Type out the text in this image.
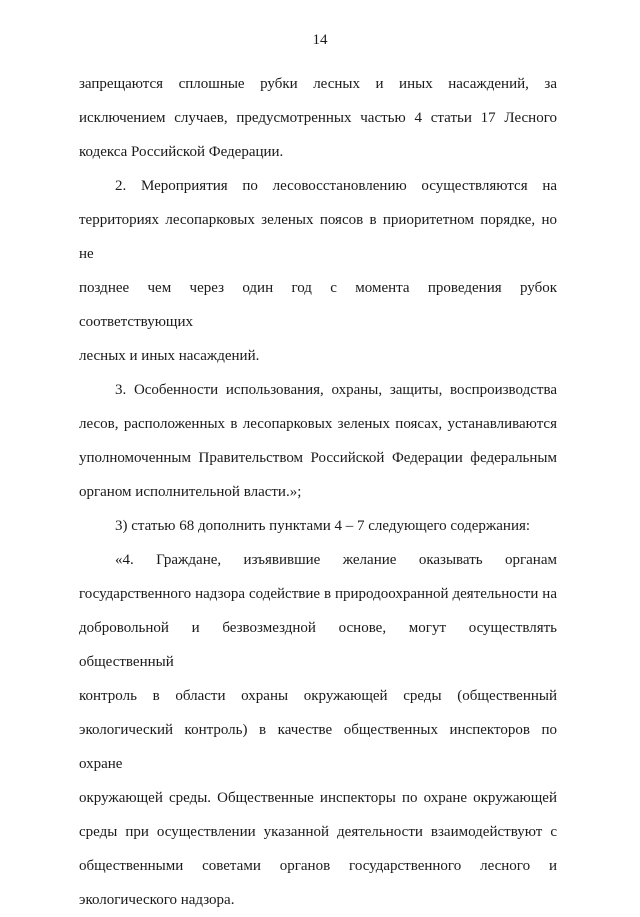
14
запрещаются сплошные рубки лесных и иных насаждений, за
исключением случаев, предусмотренных частью 4 статьи 17 Лесного
кодекса Российской Федерации.
2. Мероприятия по лесовосстановлению осуществляются на
территориях лесопарковых зеленых поясов в приоритетном порядке, но не
позднее чем через один год с момента проведения рубок соответствующих
лесных и иных насаждений.
3. Особенности использования, охраны, защиты, воспроизводства
лесов, расположенных в лесопарковых зеленых поясах, устанавливаются
уполномоченным Правительством Российской Федерации федеральным
органом исполнительной власти.»;
3) статью 68 дополнить пунктами 4 – 7 следующего содержания:
«4. Граждане, изъявившие желание оказывать органам
государственного надзора содействие в природоохранной деятельности на
добровольной и безвозмездной основе, могут осуществлять общественный
контроль в области охраны окружающей среды (общественный
экологический контроль) в качестве общественных инспекторов по охране
окружающей среды. Общественные инспекторы по охране окружающей
среды при осуществлении указанной деятельности взаимодействуют с
общественными советами органов государственного лесного и
экологического надзора.
